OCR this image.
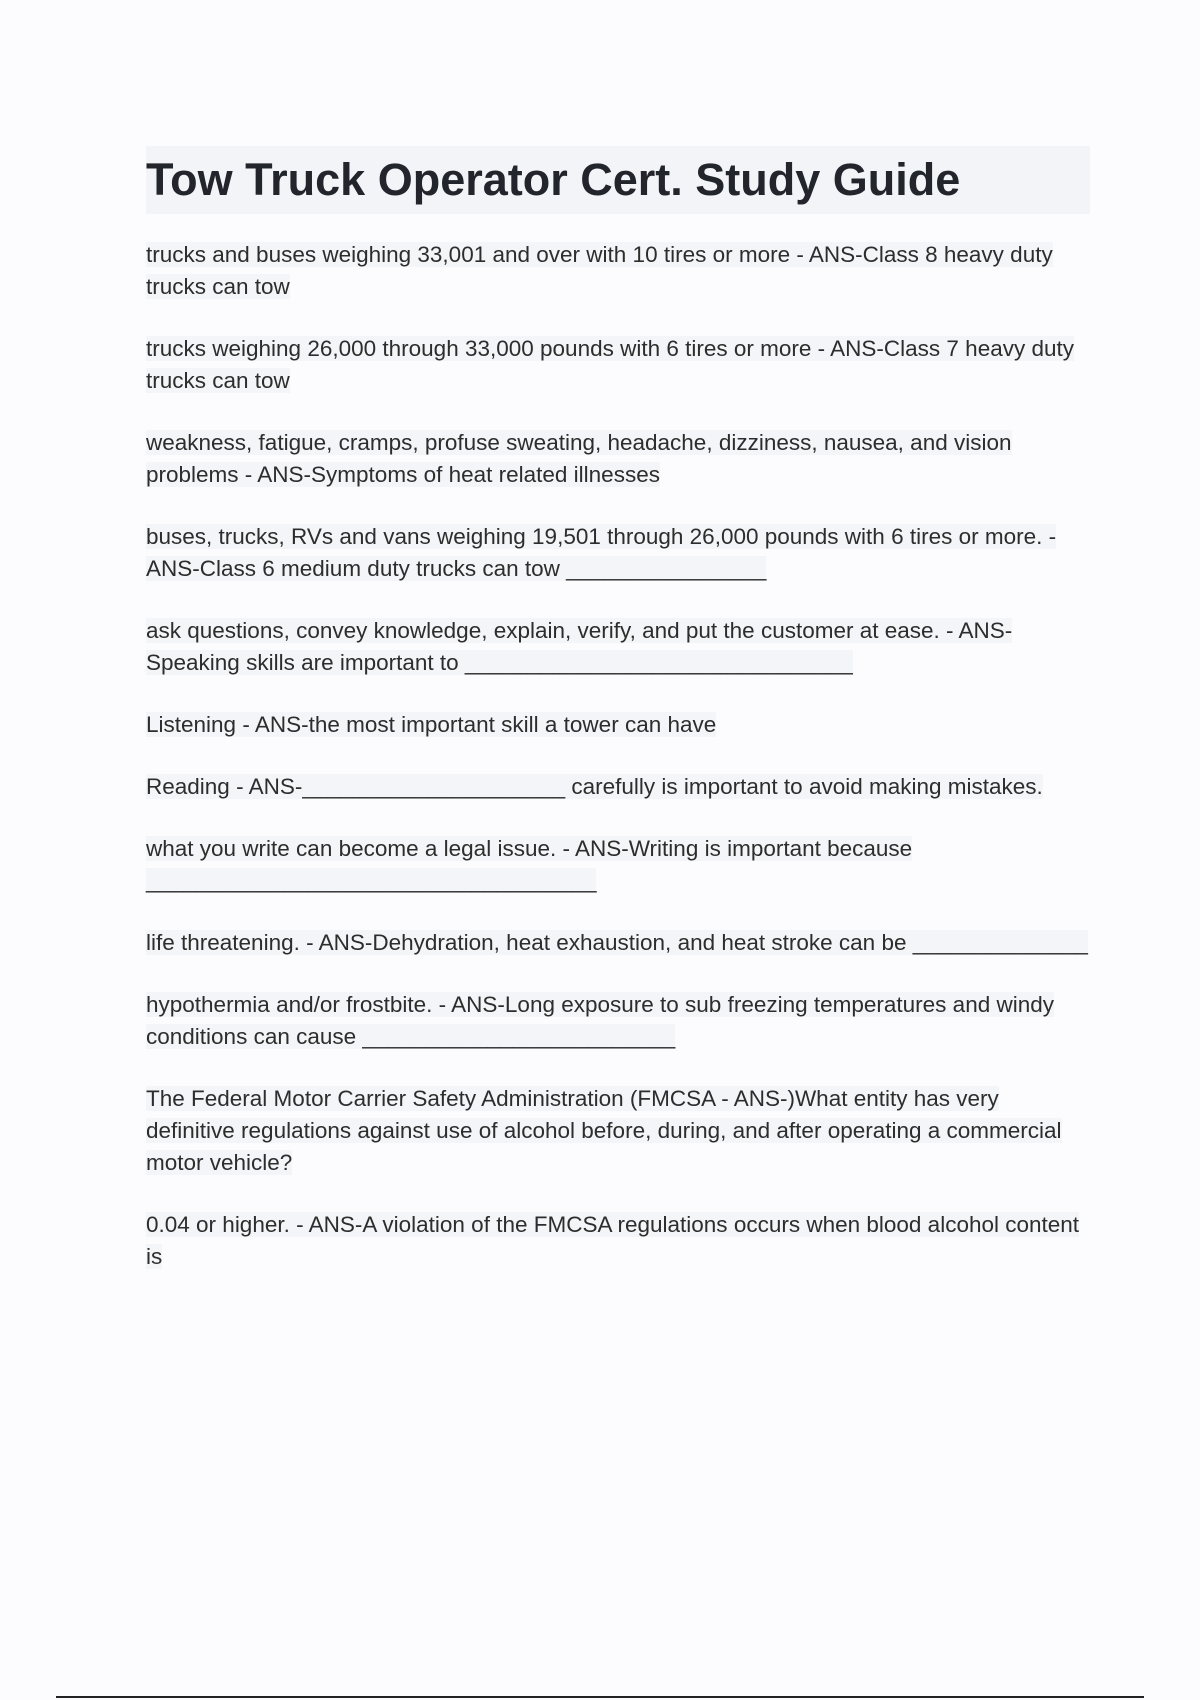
Tow Truck Operator Cert. Study Guide

trucks and buses weighing 33,001 and over with 10 tires or more - ANS-Class 8 heavy duty trucks can tow

trucks weighing 26,000 through 33,000 pounds with 6 tires or more - ANS-Class 7 heavy duty trucks can tow

weakness, fatigue, cramps, profuse sweating, headache, dizziness, nausea, and vision problems - ANS-Symptoms of heat related illnesses

buses, trucks, RVs and vans weighing 19,501 through 26,000 pounds with 6 tires or more. - ANS-Class 6 medium duty trucks can tow ________________

ask questions, convey knowledge, explain, verify, and put the customer at ease. - ANS-Speaking skills are important to _______________________________

Listening - ANS-the most important skill a tower can have

Reading - ANS-_____________________ carefully is important to avoid making mistakes.

what you write can become a legal issue. - ANS-Writing is important because ____________________________________

life threatening. - ANS-Dehydration, heat exhaustion, and heat stroke can be ______________

hypothermia and/or frostbite. - ANS-Long exposure to sub freezing temperatures and windy conditions can cause _________________________

The Federal Motor Carrier Safety Administration (FMCSA - ANS-)What entity has very definitive regulations against use of alcohol before, during, and after operating a commercial motor vehicle?

0.04 or higher. - ANS-A violation of the FMCSA regulations occurs when blood alcohol content is
